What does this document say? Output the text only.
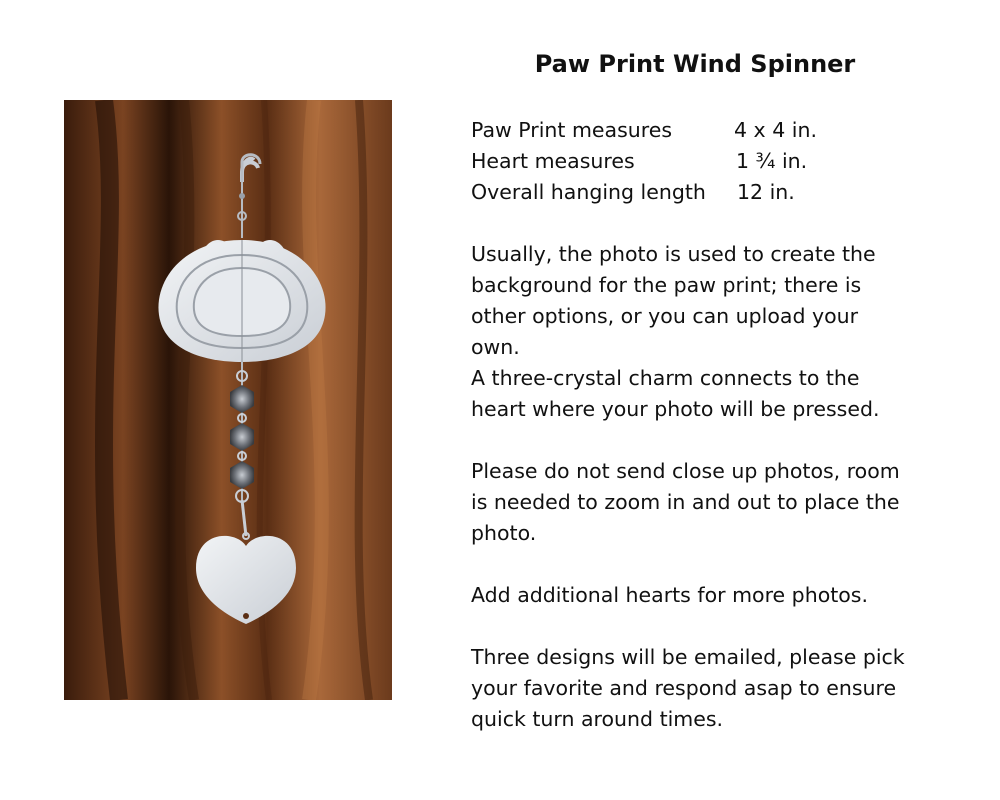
Paw Print Wind Spinner
Paw Print measures	4 x 4 in.
Heart measures	1 ¾ in.
Overall hanging length	12 in.

Usually, the photo is used to create the background for the paw print; there is other options, or you can upload your own.

A three-crystal charm connects to the heart where your photo will be pressed.

Please do not send close up photos, room is needed to zoom in and out to place the photo.

Add additional hearts for more photos.

Three designs will be emailed, please pick your favorite and respond asap to ensure quick turn around times.
